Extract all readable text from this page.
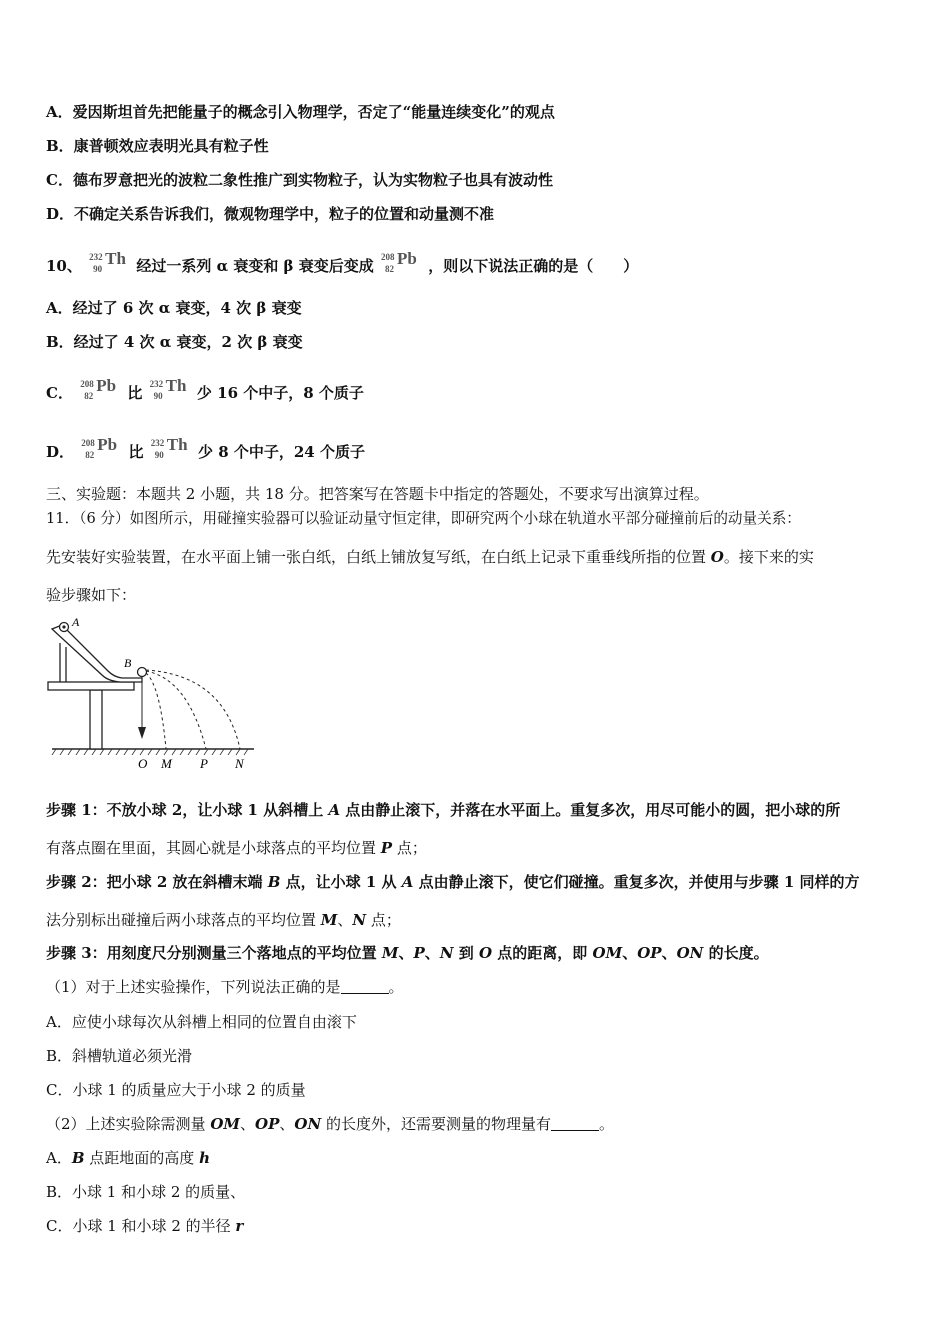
A．爱因斯坦首先把能量子的概念引入物理学，否定了“能量连续变化”的观点
B．康普顿效应表明光具有粒子性
C．德布罗意把光的波粒二象性推广到实物粒子，认为实物粒子也具有波动性
D．不确定关系告诉我们，微观物理学中，粒子的位置和动量测不准
10、 232
90
Th 经过一系列 α 衰变和 β 衰变后变成 208
82
Pb ，则以下说法正确的是（　　）
A．经过了 6 次 α 衰变，4 次 β 衰变
B．经过了 4 次 α 衰变，2 次 β 衰变
C． 208
82
Pb 比 232
90
Th 少 16 个中子，8 个质子
D． 208
82
Pb 比 232
90
Th 少 8 个中子，24 个质子
三、实验题：本题共 2 小题，共 18 分。把答案写在答题卡中指定的答题处，不要求写出演算过程。
11．（6 分）如图所示，用碰撞实验器可以验证动量守恒定律，即研究两个小球在轨道水平部分碰撞前后的动量关系：
先安装好实验装置，在水平面上铺一张白纸，白纸上铺放复写纸，在白纸上记录下重垂线所指的位置 O。接下来的实
验步骤如下：
A
B
O M P N
步骤 1：不放小球 2，让小球 1 从斜槽上 A 点由静止滚下，并落在水平面上。重复多次，用尽可能小的圆，把小球的所
有落点圈在里面，其圆心就是小球落点的平均位置 P 点；
步骤 2：把小球 2 放在斜槽末端 B 点，让小球 1 从 A 点由静止滚下，使它们碰撞。重复多次，并使用与步骤 1 同样的方
法分别标出碰撞后两小球落点的平均位置 M、N 点；
步骤 3：用刻度尺分别测量三个落地点的平均位置 M、P、N 到 O 点的距离，即 OM、OP、ON 的长度。
（1）对于上述实验操作，下列说法正确的是	。
A．应使小球每次从斜槽上相同的位置自由滚下
B．斜槽轨道必须光滑
C．小球 1 的质量应大于小球 2 的质量
（2）上述实验除需测量 OM、OP、ON 的长度外，还需要测量的物理量有	。
A．B 点距地面的高度 h
B．小球 1 和小球 2 的质量、
C．小球 1 和小球 2 的半径 r
